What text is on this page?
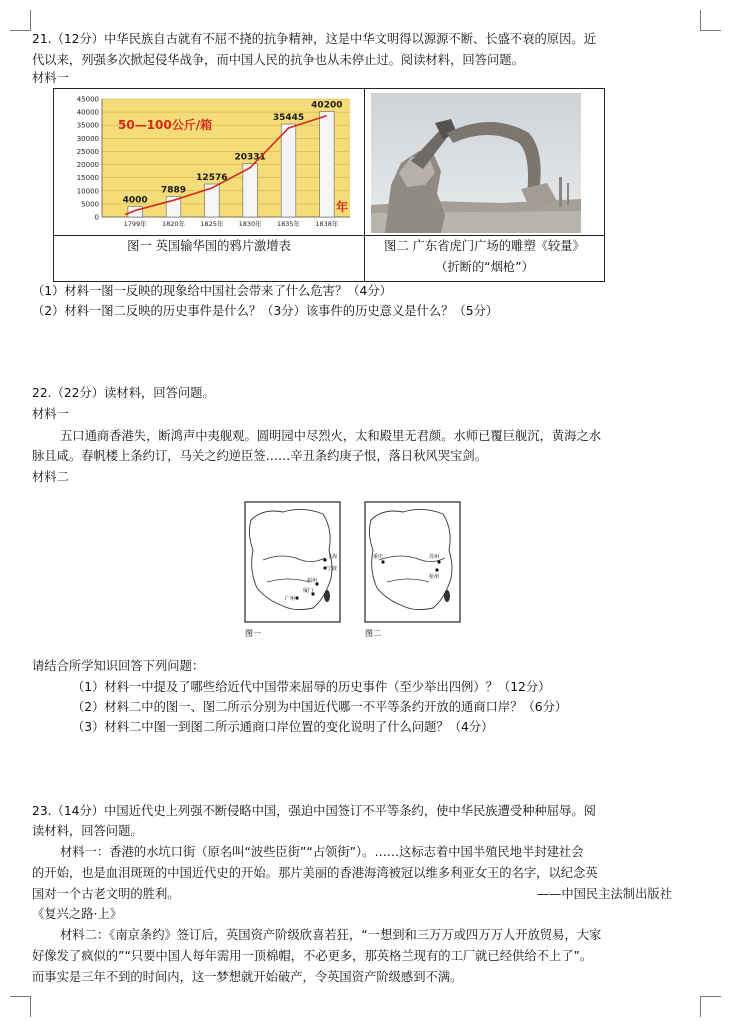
21.（12分）中华民族自古就有不屈不挠的抗争精神，这是中华文明得以源源不断、长盛不衰的原因。近
代以来，列强多次掀起侵华战争，而中国人民的抗争也从未停止过。阅读材料，回答问题。
材料一
0
5000
10000
15000
20000
25000
30000
35000
40000
45000
4000
1799年
7889
1820年
12576
1825年
20331
1830年
35445
1835年
40200
1838年
50—100公斤/箱
年
图一 英国输华国的鸦片激增表	图二 广东省虎门广场的雕塑《较量》
（折断的“烟枪”）
（1）材料一图一反映的现象给中国社会带来了什么危害？（4分）
（2）材料一图二反映的历史事件是什么？（3分）该事件的历史意义是什么？（5分）
22.（22分）读材料，回答问题。
材料一
五口通商香港失，断鸿声中夷舰观。圆明园中尽烈火，太和殿里无君颜。水师已覆巨舰沉，黄海之水
脉且咸。春帆楼上条约订，马关之约逆臣签……辛丑条约庚子恨，落日秋风哭宝剑。
材料二
上海
宁波
福州
厦门
广州
图一
重庆	苏州
杭州
图二
请结合所学知识回答下列问题：
（1）材料一中提及了哪些给近代中国带来屈辱的历史事件（至少举出四例）？（12分）
（2）材料二中的图一、图二所示分别为中国近代哪一不平等条约开放的通商口岸？（6分）
（3）材料二中图一到图二所示通商口岸位置的变化说明了什么问题？（4分）
23.（14分）中国近代史上列强不断侵略中国，强迫中国签订不平等条约，使中华民族遭受种种屈辱。阅
读材料，回答问题。
材料一：香港的水坑口街（原名叫“波些臣街”“占领街”）。……这标志着中国半殖民地半封建社会
的开始，也是血泪斑斑的中国近代史的开始。那片美丽的香港海湾被冠以维多利亚女王的名字，以纪念英
国对一个古老文明的胜利。	——中国民主法制出版社
《复兴之路·上》
材料二：《南京条约》签订后，英国资产阶级欣喜若狂，“一想到和三万万或四万万人开放贸易，大家
好像发了疯似的”“只要中国人每年需用一顶棉帽，不必更多，那英格兰现有的工厂就已经供给不上了”。
而事实是三年不到的时间内，这一梦想就开始破产，令英国资产阶级感到不满。
